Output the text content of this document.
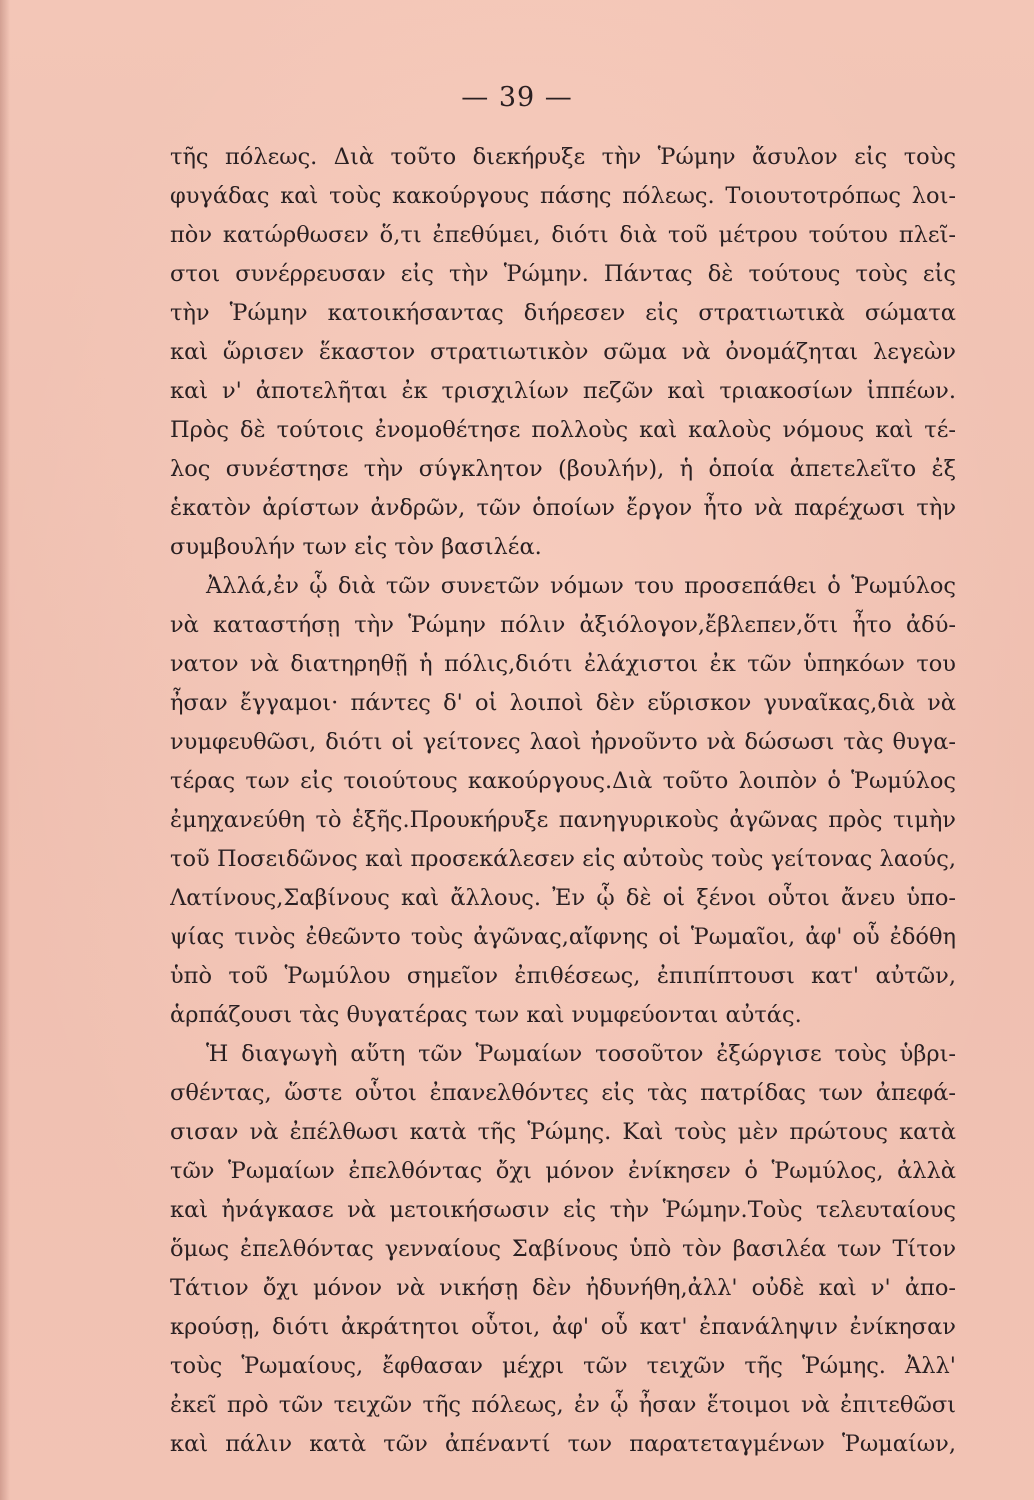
— 39 —
τῆς πόλεως. Διὰ τοῦτο διεκήρυξε τὴν Ῥώμην ἄσυλον εἰς τοὺς
φυγάδας καὶ τοὺς κακούργους πάσης πόλεως. Τοιουτοτρόπως λοι-
πὸν κατώρθωσεν ὅ,τι ἐπεθύμει, διότι διὰ τοῦ μέτρου τούτου πλεῖ-
στοι συνέρρευσαν εἰς τὴν Ῥώμην. Πάντας δὲ τούτους τοὺς εἰς
τὴν Ῥώμην κατοικήσαντας διήρεσεν εἰς στρατιωτικὰ σώματα
καὶ ὥρισεν ἕκαστον στρατιωτικὸν σῶμα νὰ ὀνομάζηται λεγεὼν
καὶ ν' ἀποτελῆται ἐκ τρισχιλίων πεζῶν καὶ τριακοσίων ἱππέων.
Πρὸς δὲ τούτοις ἐνομοθέτησε πολλοὺς καὶ καλοὺς νόμους καὶ τέ-
λος συνέστησε τὴν σύγκλητον (βουλήν), ἡ ὁποία ἀπετελεῖτο ἐξ
ἑκατὸν ἀρίστων ἀνδρῶν, τῶν ὁποίων ἔργον ἦτο νὰ παρέχωσι τὴν
συμβουλήν των εἰς τὸν βασιλέα.
Ἀλλά,ἐν ᾧ διὰ τῶν συνετῶν νόμων του προσεπάθει ὁ Ῥωμύλος
νὰ καταστήσῃ τὴν Ῥώμην πόλιν ἀξιόλογον,ἔβλεπεν,ὅτι ἦτο ἀδύ-
νατον νὰ διατηρηθῇ ἡ πόλις,διότι ἐλάχιστοι ἐκ τῶν ὑπηκόων του
ἦσαν ἔγγαμοι· πάντες δ' οἱ λοιποὶ δὲν εὕρισκον γυναῖκας,διὰ νὰ
νυμφευθῶσι, διότι οἱ γείτονες λαοὶ ἠρνοῦντο νὰ δώσωσι τὰς θυγα-
τέρας των εἰς τοιούτους κακούργους.Διὰ τοῦτο λοιπὸν ὁ Ῥωμύλος
ἐμηχανεύθη τὸ ἑξῆς.Προυκήρυξε πανηγυρικοὺς ἀγῶνας πρὸς τιμὴν
τοῦ Ποσειδῶνος καὶ προσεκάλεσεν εἰς αὐτοὺς τοὺς γείτονας λαούς,
Λατίνους,Σαβίνους καὶ ἄλλους. Ἐν ᾧ δὲ οἱ ξένοι οὗτοι ἄνευ ὑπο-
ψίας τινὸς ἐθεῶντο τοὺς ἀγῶνας,αἴφνης οἱ Ῥωμαῖοι, ἀφ' οὗ ἐδόθη
ὑπὸ τοῦ Ῥωμύλου σημεῖον ἐπιθέσεως, ἐπιπίπτουσι κατ' αὐτῶν,
ἁρπάζουσι τὰς θυγατέρας των καὶ νυμφεύονται αὐτάς.
Ἡ διαγωγὴ αὕτη τῶν Ῥωμαίων τοσοῦτον ἐξώργισε τοὺς ὑβρι-
σθέντας, ὥστε οὗτοι ἐπανελθόντες εἰς τὰς πατρίδας των ἀπεφά-
σισαν νὰ ἐπέλθωσι κατὰ τῆς Ῥώμης. Καὶ τοὺς μὲν πρώτους κατὰ
τῶν Ῥωμαίων ἐπελθόντας ὄχι μόνον ἐνίκησεν ὁ Ῥωμύλος, ἀλλὰ
καὶ ἠνάγκασε νὰ μετοικήσωσιν εἰς τὴν Ῥώμην.Τοὺς τελευταίους
ὅμως ἐπελθόντας γενναίους Σαβίνους ὑπὸ τὸν βασιλέα των Τίτον
Τάτιον ὄχι μόνον νὰ νικήσῃ δὲν ἠδυνήθη,ἀλλ' οὐδὲ καὶ ν' ἀπο-
κρούσῃ, διότι ἀκράτητοι οὗτοι, ἀφ' οὗ κατ' ἐπανάληψιν ἐνίκησαν
τοὺς Ῥωμαίους, ἔφθασαν μέχρι τῶν τειχῶν τῆς Ῥώμης. Ἀλλ'
ἐκεῖ πρὸ τῶν τειχῶν τῆς πόλεως, ἐν ᾧ ἦσαν ἕτοιμοι νὰ ἐπιτεθῶσι
καὶ πάλιν κατὰ τῶν ἀπέναντί των παρατεταγμένων Ῥωμαίων,
